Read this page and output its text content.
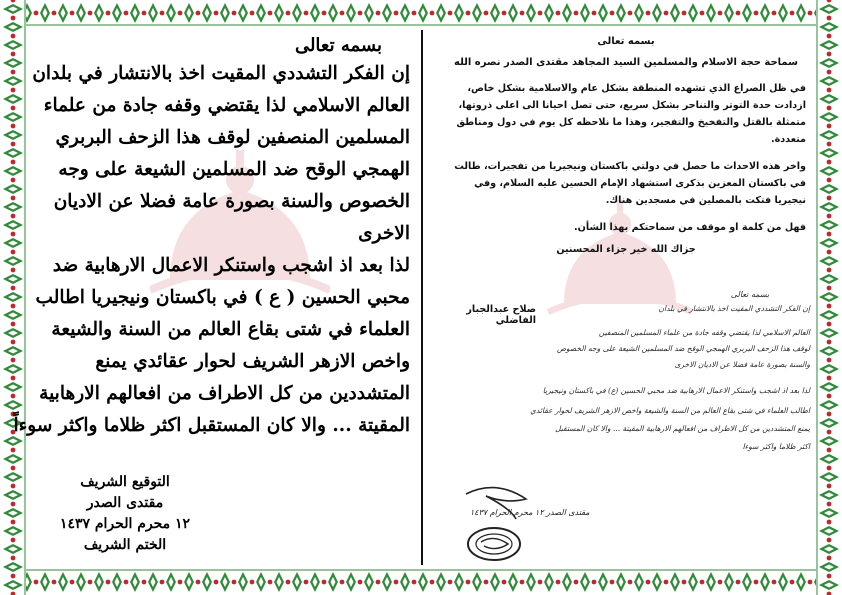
بسمه تعالى
سماحة حجة الاسلام والمسلمين السيد المجاهد مقتدى الصدر نصره الله

في ظل الصراع الذي تشهده المنطقة بشكل عام والاسلامية بشكل خاص، ازدادت حدة التوتر والتناحر بشكل سريع، حتى تصل احيانا الى اعلى ذروتها، متمثلة بالقتل والتفخيخ والتفجير، وهذا ما نلاحظه كل يوم في دول ومناطق متعددة.

واخر هذه الاحداث ما حصل في دولتي باكستان ونيجيريا من تفجيرات، طالت في باكستان المعزين بذكرى استشهاد الإمام الحسين عليه السلام، وفي نيجيريا فتكت بالمصلين في مسجدين هناك.

فهل من كلمة او موقف من سماحتكم بهذا الشأن.
جزاك الله خير جزاء المحسنين
بسمه تعالى
إن الفكر التشددي المقيت اخذ بالانتشار في بلدان
العالم الاسلامي لذا يقتضي وقفه جادة من علماء المسلمين المنصفين
لوقف هذا الزحف البربري الهمجي الوقح ضد المسلمين الشيعة على وجه الخصوص
والسنة بصورة عامة فضلا عن الاديان الاخرى
لذا بعد اذ اشجب واستنكر الاعمال الارهابية ضد محبي الحسين (ع) في باكستان ونيجيريا
اطالب العلماء في شتى بقاع العالم من السنة والشيعة واخص الازهر الشريف لحوار عقائدي
يمنع المتشددين من كل الاطراف من افعالهم الارهابية المقيتة ... والا كان المستقبل
اكثر ظلاما واكثر سوءا
صلاح عبدالجبار الفاضلي
مقتدى الصدر ١٢ محرم الحرام ١٤٣٧
بسمه تعالى
إن الفكر التشددي المقيت اخذ بالانتشار في بلدان
العالم الاسلامي لذا يقتضي وقفه جادة من علماء
المسلمين المنصفين لوقف هذا الزحف البربري
الهمجي الوقح ضد المسلمين الشيعة على وجه
الخصوص والسنة بصورة عامة فضلا عن الاديان
الاخرى
لذا بعد اذ اشجب واستنكر الاعمال الارهابية ضد
محبي الحسين ( ع ) في باكستان ونيجيريا اطالب
العلماء في شتى بقاع العالم من السنة والشيعة
واخص الازهر الشريف لحوار عقائدي يمنع
المتشددين من كل الاطراف من افعالهم الارهابية
المقيتة ... والا كان المستقبل اكثر ظلاما واكثر سوءاً
التوقيع الشريف
مقتدى الصدر
١٢ محرم الحرام ١٤٣٧
الختم الشريف
